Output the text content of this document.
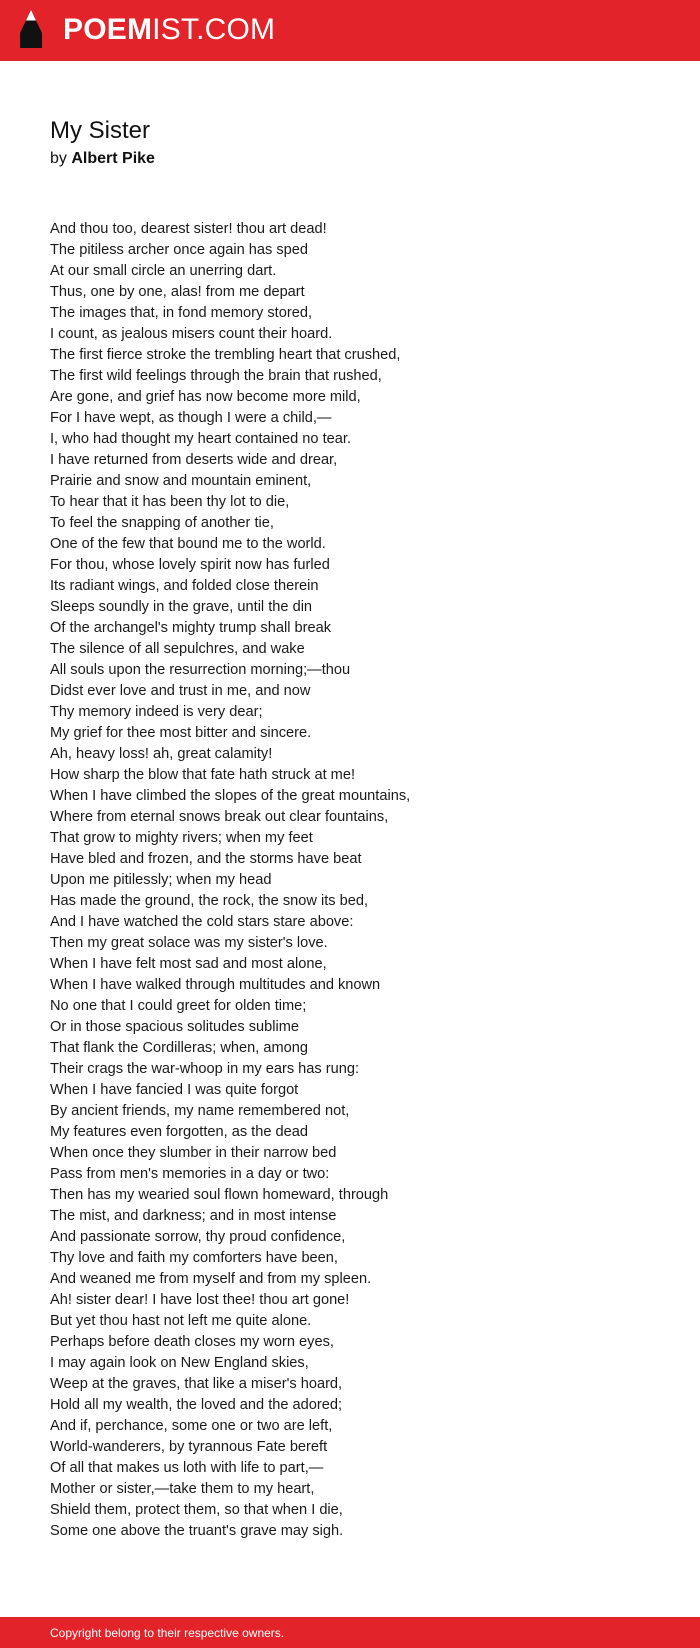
POEMIST.COM
My Sister
by Albert Pike
And thou too, dearest sister! thou art dead!
The pitiless archer once again has sped
At our small circle an unerring dart.
Thus, one by one, alas! from me depart
The images that, in fond memory stored,
I count, as jealous misers count their hoard.
The first fierce stroke the trembling heart that crushed,
The first wild feelings through the brain that rushed,
Are gone, and grief has now become more mild,
For I have wept, as though I were a child,—
I, who had thought my heart contained no tear.
I have returned from deserts wide and drear,
Prairie and snow and mountain eminent,
To hear that it has been thy lot to die,
To feel the snapping of another tie,
One of the few that bound me to the world.
For thou, whose lovely spirit now has furled
Its radiant wings, and folded close therein
Sleeps soundly in the grave, until the din
Of the archangel's mighty trump shall break
The silence of all sepulchres, and wake
All souls upon the resurrection morning;—thou
Didst ever love and trust in me, and now
Thy memory indeed is very dear;
My grief for thee most bitter and sincere.
Ah, heavy loss! ah, great calamity!
How sharp the blow that fate hath struck at me!
When I have climbed the slopes of the great mountains,
Where from eternal snows break out clear fountains,
That grow to mighty rivers; when my feet
Have bled and frozen, and the storms have beat
Upon me pitilessly; when my head
Has made the ground, the rock, the snow its bed,
And I have watched the cold stars stare above:
Then my great solace was my sister's love.
When I have felt most sad and most alone,
When I have walked through multitudes and known
No one that I could greet for olden time;
Or in those spacious solitudes sublime
That flank the Cordilleras; when, among
Their crags the war-whoop in my ears has rung:
When I have fancied I was quite forgot
By ancient friends, my name remembered not,
My features even forgotten, as the dead
When once they slumber in their narrow bed
Pass from men's memories in a day or two:
Then has my wearied soul flown homeward, through
The mist, and darkness; and in most intense
And passionate sorrow, thy proud confidence,
Thy love and faith my comforters have been,
And weaned me from myself and from my spleen.
Ah! sister dear! I have lost thee! thou art gone!
But yet thou hast not left me quite alone.
Perhaps before death closes my worn eyes,
I may again look on New England skies,
Weep at the graves, that like a miser's hoard,
Hold all my wealth, the loved and the adored;
And if, perchance, some one or two are left,
World-wanderers, by tyrannous Fate bereft
Of all that makes us loth with life to part,—
Mother or sister,—take them to my heart,
Shield them, protect them, so that when I die,
Some one above the truant's grave may sigh.
Copyright belong to their respective owners.
